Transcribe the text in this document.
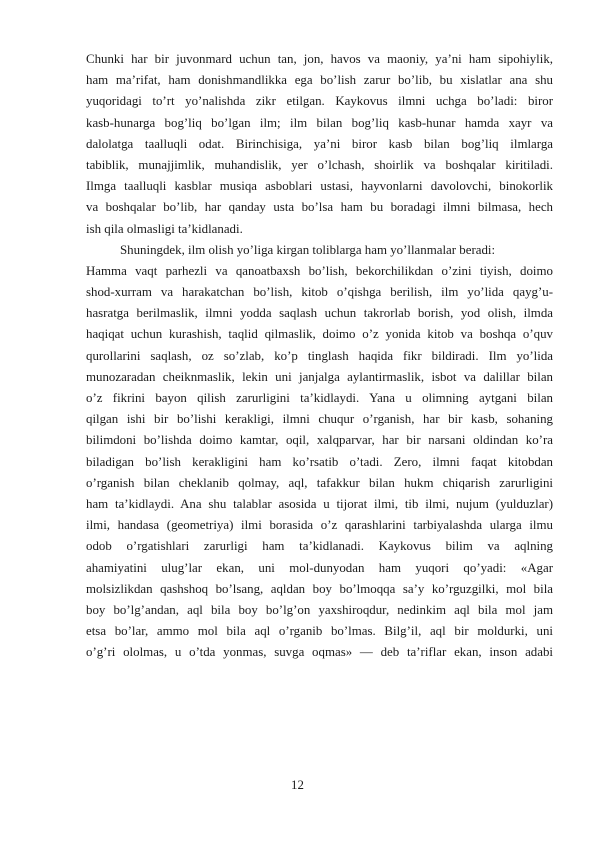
Chunki har bir juvonmard uchun tan, jon, havos va maoniy, ya’ni ham sipohiylik,
ham ma’rifat, ham donishmandlikka ega bo’lish zarur bo’lib, bu xislatlar ana shu
yuqoridagi to’rt yo’nalishda zikr etilgan. Kaykovus ilmni uchga bo’ladi: biror
kasb-hunarga bog’liq bo’lgan ilm; ilm bilan bog’liq kasb-hunar hamda xayr va
dalolatga taalluqli odat. Birinchisiga, ya’ni biror kasb bilan bog’liq ilmlarga
tabiblik, munajjimlik, muhandislik, yer o’lchash, shoirlik va boshqalar kiritiladi.
Ilmga taalluqli kasblar musiqa asboblari ustasi, hayvonlarni davolovchi, binokorlik
va boshqalar bo’lib, har qanday usta bo’lsa ham bu boradagi ilmni bilmasa, hech
ish qila olmasligi ta’kidlanadi.
Shuningdek, ilm olish yo’liga kirgan toliblarga ham yo’llanmalar beradi:
Hamma vaqt parhezli va qanoatbaxsh bo’lish, bekorchilikdan o’zini tiyish, doimo
shod-xurram va harakatchan bo’lish, kitob o’qishga berilish, ilm yo’lida qayg’u-
hasratga berilmaslik, ilmni yodda saqlash uchun takrorlab borish, yod olish, ilmda
haqiqat uchun kurashish, taqlid qilmaslik, doimo o’z yonida kitob va boshqa o’quv
qurollarini saqlash, oz so’zlab, ko’p tinglash haqida fikr bildiradi. Ilm yo’lida
munozaradan cheiknmaslik, lekin uni janjalga aylantirmaslik, isbot va dalillar bilan
o’z fikrini bayon qilish zarurligini ta’kidlaydi. Yana u olimning aytgani bilan
qilgan ishi bir bo’lishi kerakligi, ilmni chuqur o’rganish, har bir kasb, sohaning
bilimdoni bo’lishda doimo kamtar, oqil, xalqparvar, har bir narsani oldindan ko’ra
biladigan bo’lish kerakligini ham ko’rsatib o’tadi. Zero, ilmni faqat kitobdan
o’rganish bilan cheklanib qolmay, aql, tafakkur bilan hukm chiqarish zarurligini
ham ta’kidlaydi. Ana shu talablar asosida u tijorat ilmi, tib ilmi, nujum (yulduzlar)
ilmi, handasa (geometriya) ilmi borasida o’z qarashlarini tarbiyalashda ularga ilmu
odob o’rgatishlari zarurligi ham ta’kidlanadi. Kaykovus bilim va aqlning
ahamiyatini ulug’lar ekan, uni mol-dunyodan ham yuqori qo’yadi: «Agar
molsizlikdan qashshoq bo’lsang, aqldan boy bo’lmoqqa sa’y ko’rguzgilki, mol bila
boy bo’lg’andan, aql bila boy bo’lg’on yaxshiroqdur, nedinkim aql bila mol jam
etsa bo’lar, ammo mol bila aql o’rganib bo’lmas. Bilg’il, aql bir moldurki, uni
o’g’ri ololmas, u o’tda yonmas, suvga oqmas» — deb ta’riflar ekan, inson adabi
12
